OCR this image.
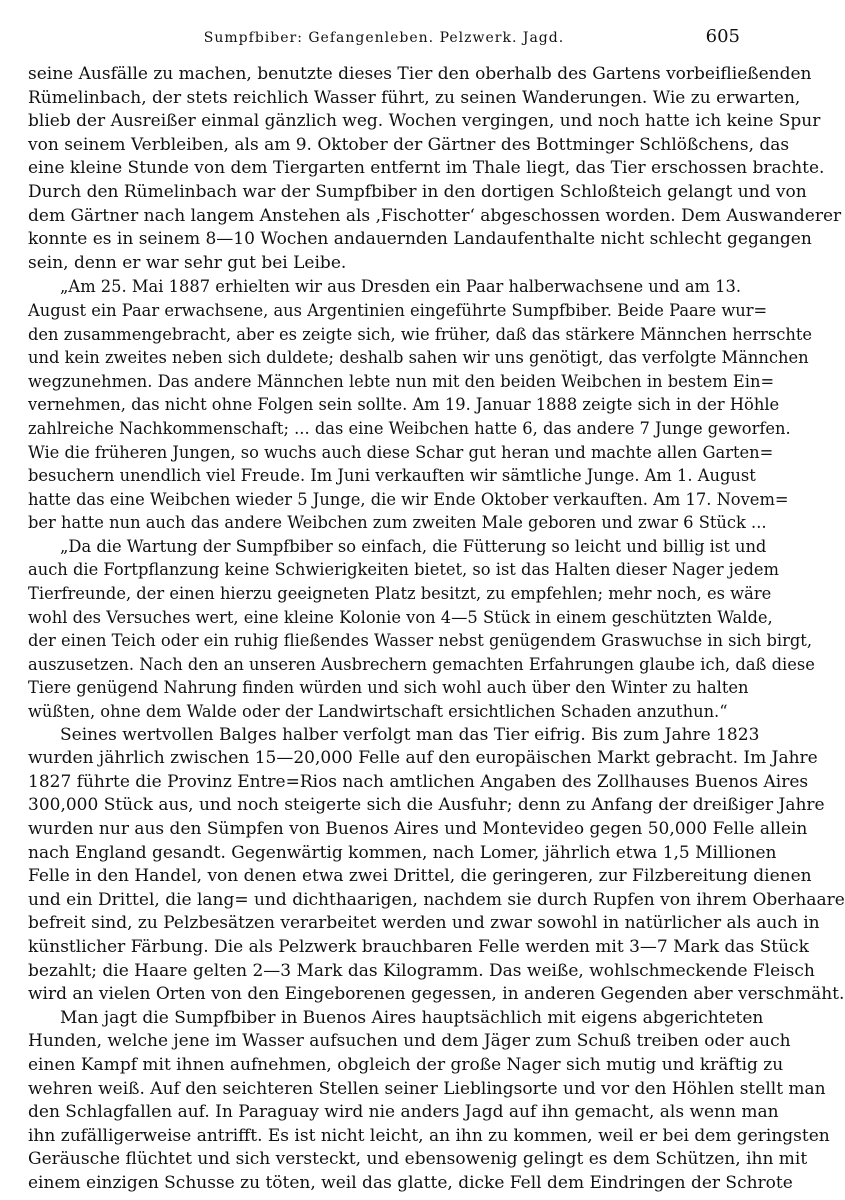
Sumpfbiber: Gefangenleben. Pelzwerk. Jagd.	605
seine Ausfälle zu machen, benutzte dieses Tier den oberhalb des Gartens vorbeifließenden
Rümelinbach, der stets reichlich Wasser führt, zu seinen Wanderungen. Wie zu erwarten,
blieb der Ausreißer einmal gänzlich weg. Wochen vergingen, und noch hatte ich keine Spur
von seinem Verbleiben, als am 9. Oktober der Gärtner des Bottminger Schlößchens, das
eine kleine Stunde von dem Tiergarten entfernt im Thale liegt, das Tier erschossen brachte.
Durch den Rümelinbach war der Sumpfbiber in den dortigen Schloßteich gelangt und von
dem Gärtner nach langem Anstehen als ‚Fischotter‘ abgeschossen worden. Dem Auswanderer
konnte es in seinem 8—10 Wochen andauernden Landaufenthalte nicht schlecht gegangen
sein, denn er war sehr gut bei Leibe.
„Am 25. Mai 1887 erhielten wir aus Dresden ein Paar halberwachsene und am 13.
August ein Paar erwachsene, aus Argentinien eingeführte Sumpfbiber. Beide Paare wur=
den zusammengebracht, aber es zeigte sich, wie früher, daß das stärkere Männchen herrschte
und kein zweites neben sich duldete; deshalb sahen wir uns genötigt, das verfolgte Männchen
wegzunehmen. Das andere Männchen lebte nun mit den beiden Weibchen in bestem Ein=
vernehmen, das nicht ohne Folgen sein sollte. Am 19. Januar 1888 zeigte sich in der Höhle
zahlreiche Nachkommenschaft; ... das eine Weibchen hatte 6, das andere 7 Junge geworfen.
Wie die früheren Jungen, so wuchs auch diese Schar gut heran und machte allen Garten=
besuchern unendlich viel Freude. Im Juni verkauften wir sämtliche Junge. Am 1. August
hatte das eine Weibchen wieder 5 Junge, die wir Ende Oktober verkauften. Am 17. Novem=
ber hatte nun auch das andere Weibchen zum zweiten Male geboren und zwar 6 Stück ...
„Da die Wartung der Sumpfbiber so einfach, die Fütterung so leicht und billig ist und
auch die Fortpflanzung keine Schwierigkeiten bietet, so ist das Halten dieser Nager jedem
Tierfreunde, der einen hierzu geeigneten Platz besitzt, zu empfehlen; mehr noch, es wäre
wohl des Versuches wert, eine kleine Kolonie von 4—5 Stück in einem geschützten Walde,
der einen Teich oder ein ruhig fließendes Wasser nebst genügendem Graswuchse in sich birgt,
auszusetzen. Nach den an unseren Ausbrechern gemachten Erfahrungen glaube ich, daß diese
Tiere genügend Nahrung finden würden und sich wohl auch über den Winter zu halten
wüßten, ohne dem Walde oder der Landwirtschaft ersichtlichen Schaden anzuthun.“
Seines wertvollen Balges halber verfolgt man das Tier eifrig. Bis zum Jahre 1823
wurden jährlich zwischen 15—20,000 Felle auf den europäischen Markt gebracht. Im Jahre
1827 führte die Provinz Entre=Rios nach amtlichen Angaben des Zollhauses Buenos Aires
300,000 Stück aus, und noch steigerte sich die Ausfuhr; denn zu Anfang der dreißiger Jahre
wurden nur aus den Sümpfen von Buenos Aires und Montevideo gegen 50,000 Felle allein
nach England gesandt. Gegenwärtig kommen, nach Lomer, jährlich etwa 1,5 Millionen
Felle in den Handel, von denen etwa zwei Drittel, die geringeren, zur Filzbereitung dienen
und ein Drittel, die lang= und dichthaarigen, nachdem sie durch Rupfen von ihrem Oberhaare
befreit sind, zu Pelzbesätzen verarbeitet werden und zwar sowohl in natürlicher als auch in
künstlicher Färbung. Die als Pelzwerk brauchbaren Felle werden mit 3—7 Mark das Stück
bezahlt; die Haare gelten 2—3 Mark das Kilogramm. Das weiße, wohlschmeckende Fleisch
wird an vielen Orten von den Eingeborenen gegessen, in anderen Gegenden aber verschmäht.
Man jagt die Sumpfbiber in Buenos Aires hauptsächlich mit eigens abgerichteten
Hunden, welche jene im Wasser aufsuchen und dem Jäger zum Schuß treiben oder auch
einen Kampf mit ihnen aufnehmen, obgleich der große Nager sich mutig und kräftig zu
wehren weiß. Auf den seichteren Stellen seiner Lieblingsorte und vor den Höhlen stellt man
den Schlagfallen auf. In Paraguay wird nie anders Jagd auf ihn gemacht, als wenn man
ihn zufälligerweise antrifft. Es ist nicht leicht, an ihn zu kommen, weil er bei dem geringsten
Geräusche flüchtet und sich versteckt, und ebensowenig gelingt es dem Schützen, ihn mit
einem einzigen Schusse zu töten, weil das glatte, dicke Fell dem Eindringen der Schrote
